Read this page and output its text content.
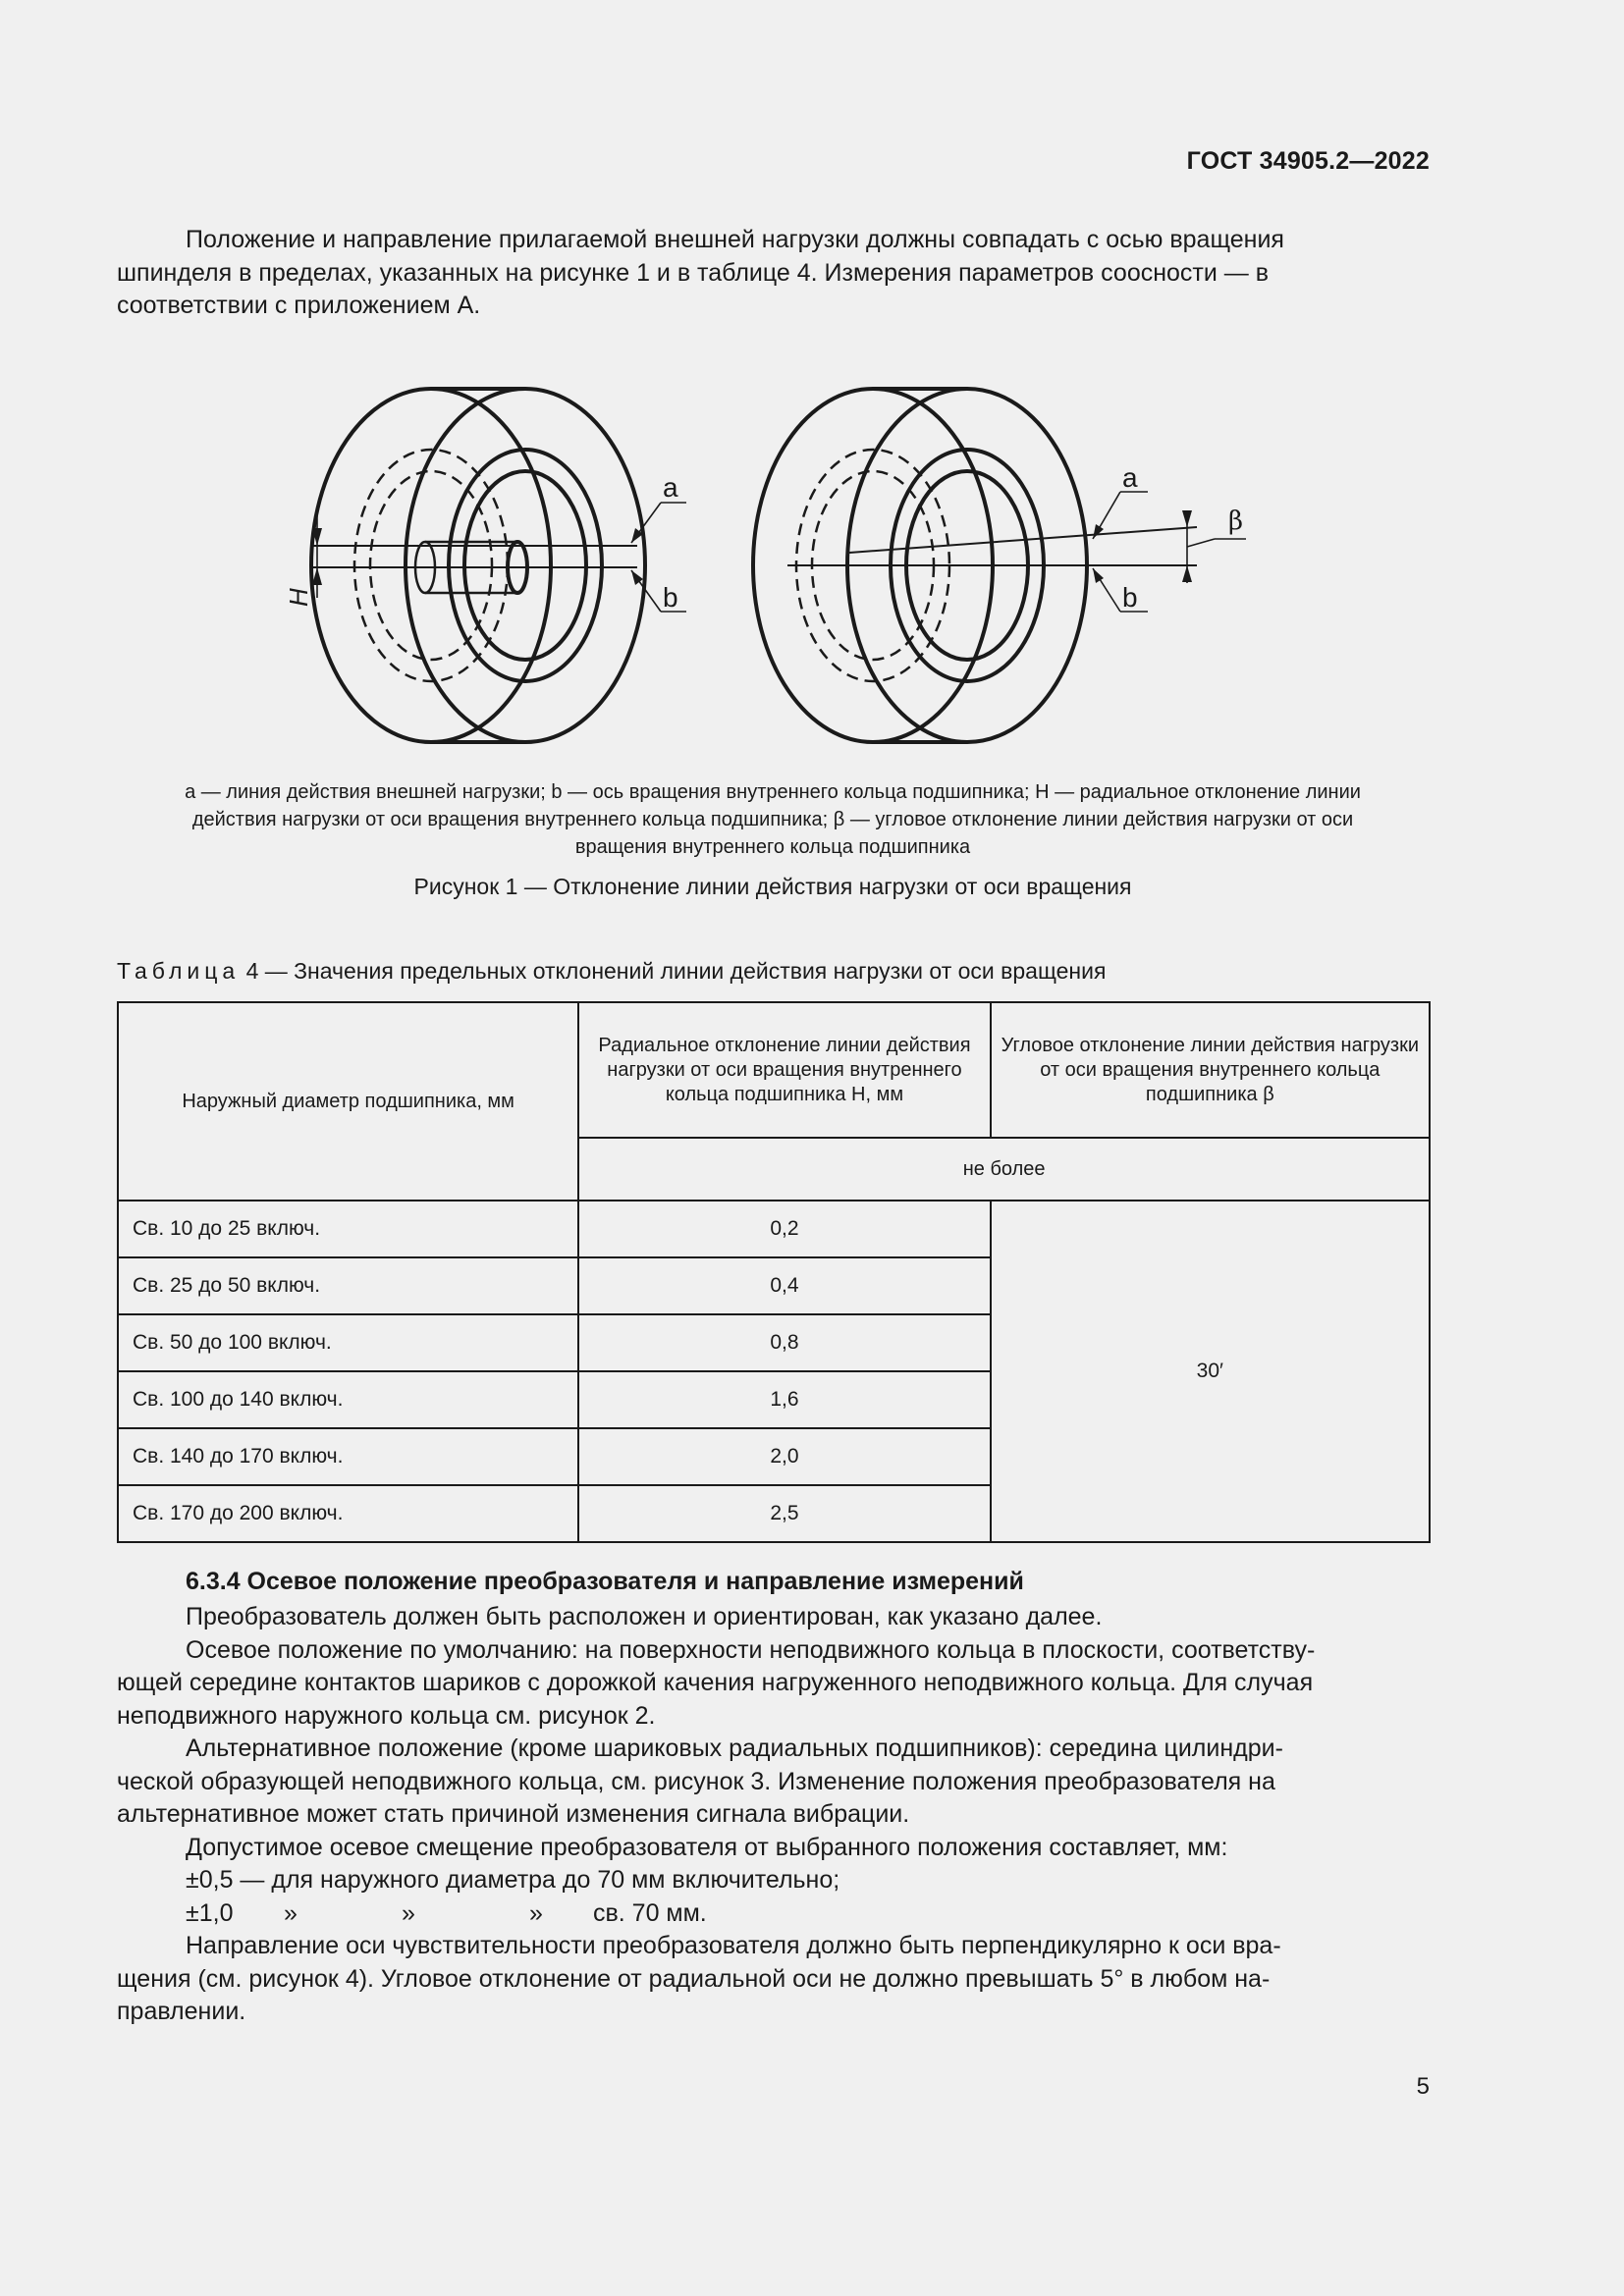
ГОСТ 34905.2—2022
Положение и направление прилагаемой внешней нагрузки должны совпадать с осью вращения
шпинделя в пределах, указанных на рисунке 1 и в таблице 4. Измерения параметров соосности — в
соответствии с приложением А.
a
b
H
a
b
β
a — линия действия внешней нагрузки; b — ось вращения внутреннего кольца подшипника; H — радиальное отклонение линии
действия нагрузки от оси вращения внутреннего кольца подшипника; β — угловое отклонение линии действия нагрузки от оси
вращения внутреннего кольца подшипника
Рисунок 1 — Отклонение линии действия нагрузки от оси вращения
Таблица 4 — Значения предельных отклонений линии действия нагрузки от оси вращения
Наружный диаметр подшипника, мм	Радиальное отклонение линии действия нагрузки от оси вращения внутреннего кольца подшипника H, мм	Угловое отклонение линии действия нагрузки от оси вращения внутреннего кольца подшипника β
	не более	
Св. 10 до 25 включ.	0,2	30′
Св. 25 до 50 включ.	0,4	
Св. 50 до 100 включ.	0,8	
Св. 100 до 140 включ.	1,6	
Св. 140 до 170 включ.	2,0	
Св. 170 до 200 включ.	2,5	
6.3.4 Осевое положение преобразователя и направление измерений

Преобразователь должен быть расположен и ориентирован, как указано далее.

Осевое положение по умолчанию: на поверхности неподвижного кольца в плоскости, соответству-

ющей середине контактов шариков с дорожкой качения нагруженного неподвижного кольца. Для случая

неподвижного наружного кольца см. рисунок 2.

Альтернативное положение (кроме шариковых радиальных подшипников): середина цилиндри-

ческой образующей неподвижного кольца, см. рисунок 3. Изменение положения преобразователя на

альтернативное может стать причиной изменения сигнала вибрации.

Допустимое осевое смещение преобразователя от выбранного положения составляет, мм:

±0,5 — для наружного диаметра до 70 мм включительно;

±1,0 »	»	» св. 70 мм.

Направление оси чувствительности преобразователя должно быть перпендикулярно к оси вра-

щения (см. рисунок 4). Угловое отклонение от радиальной оси не должно превышать 5° в любом на-

правлении.

5
